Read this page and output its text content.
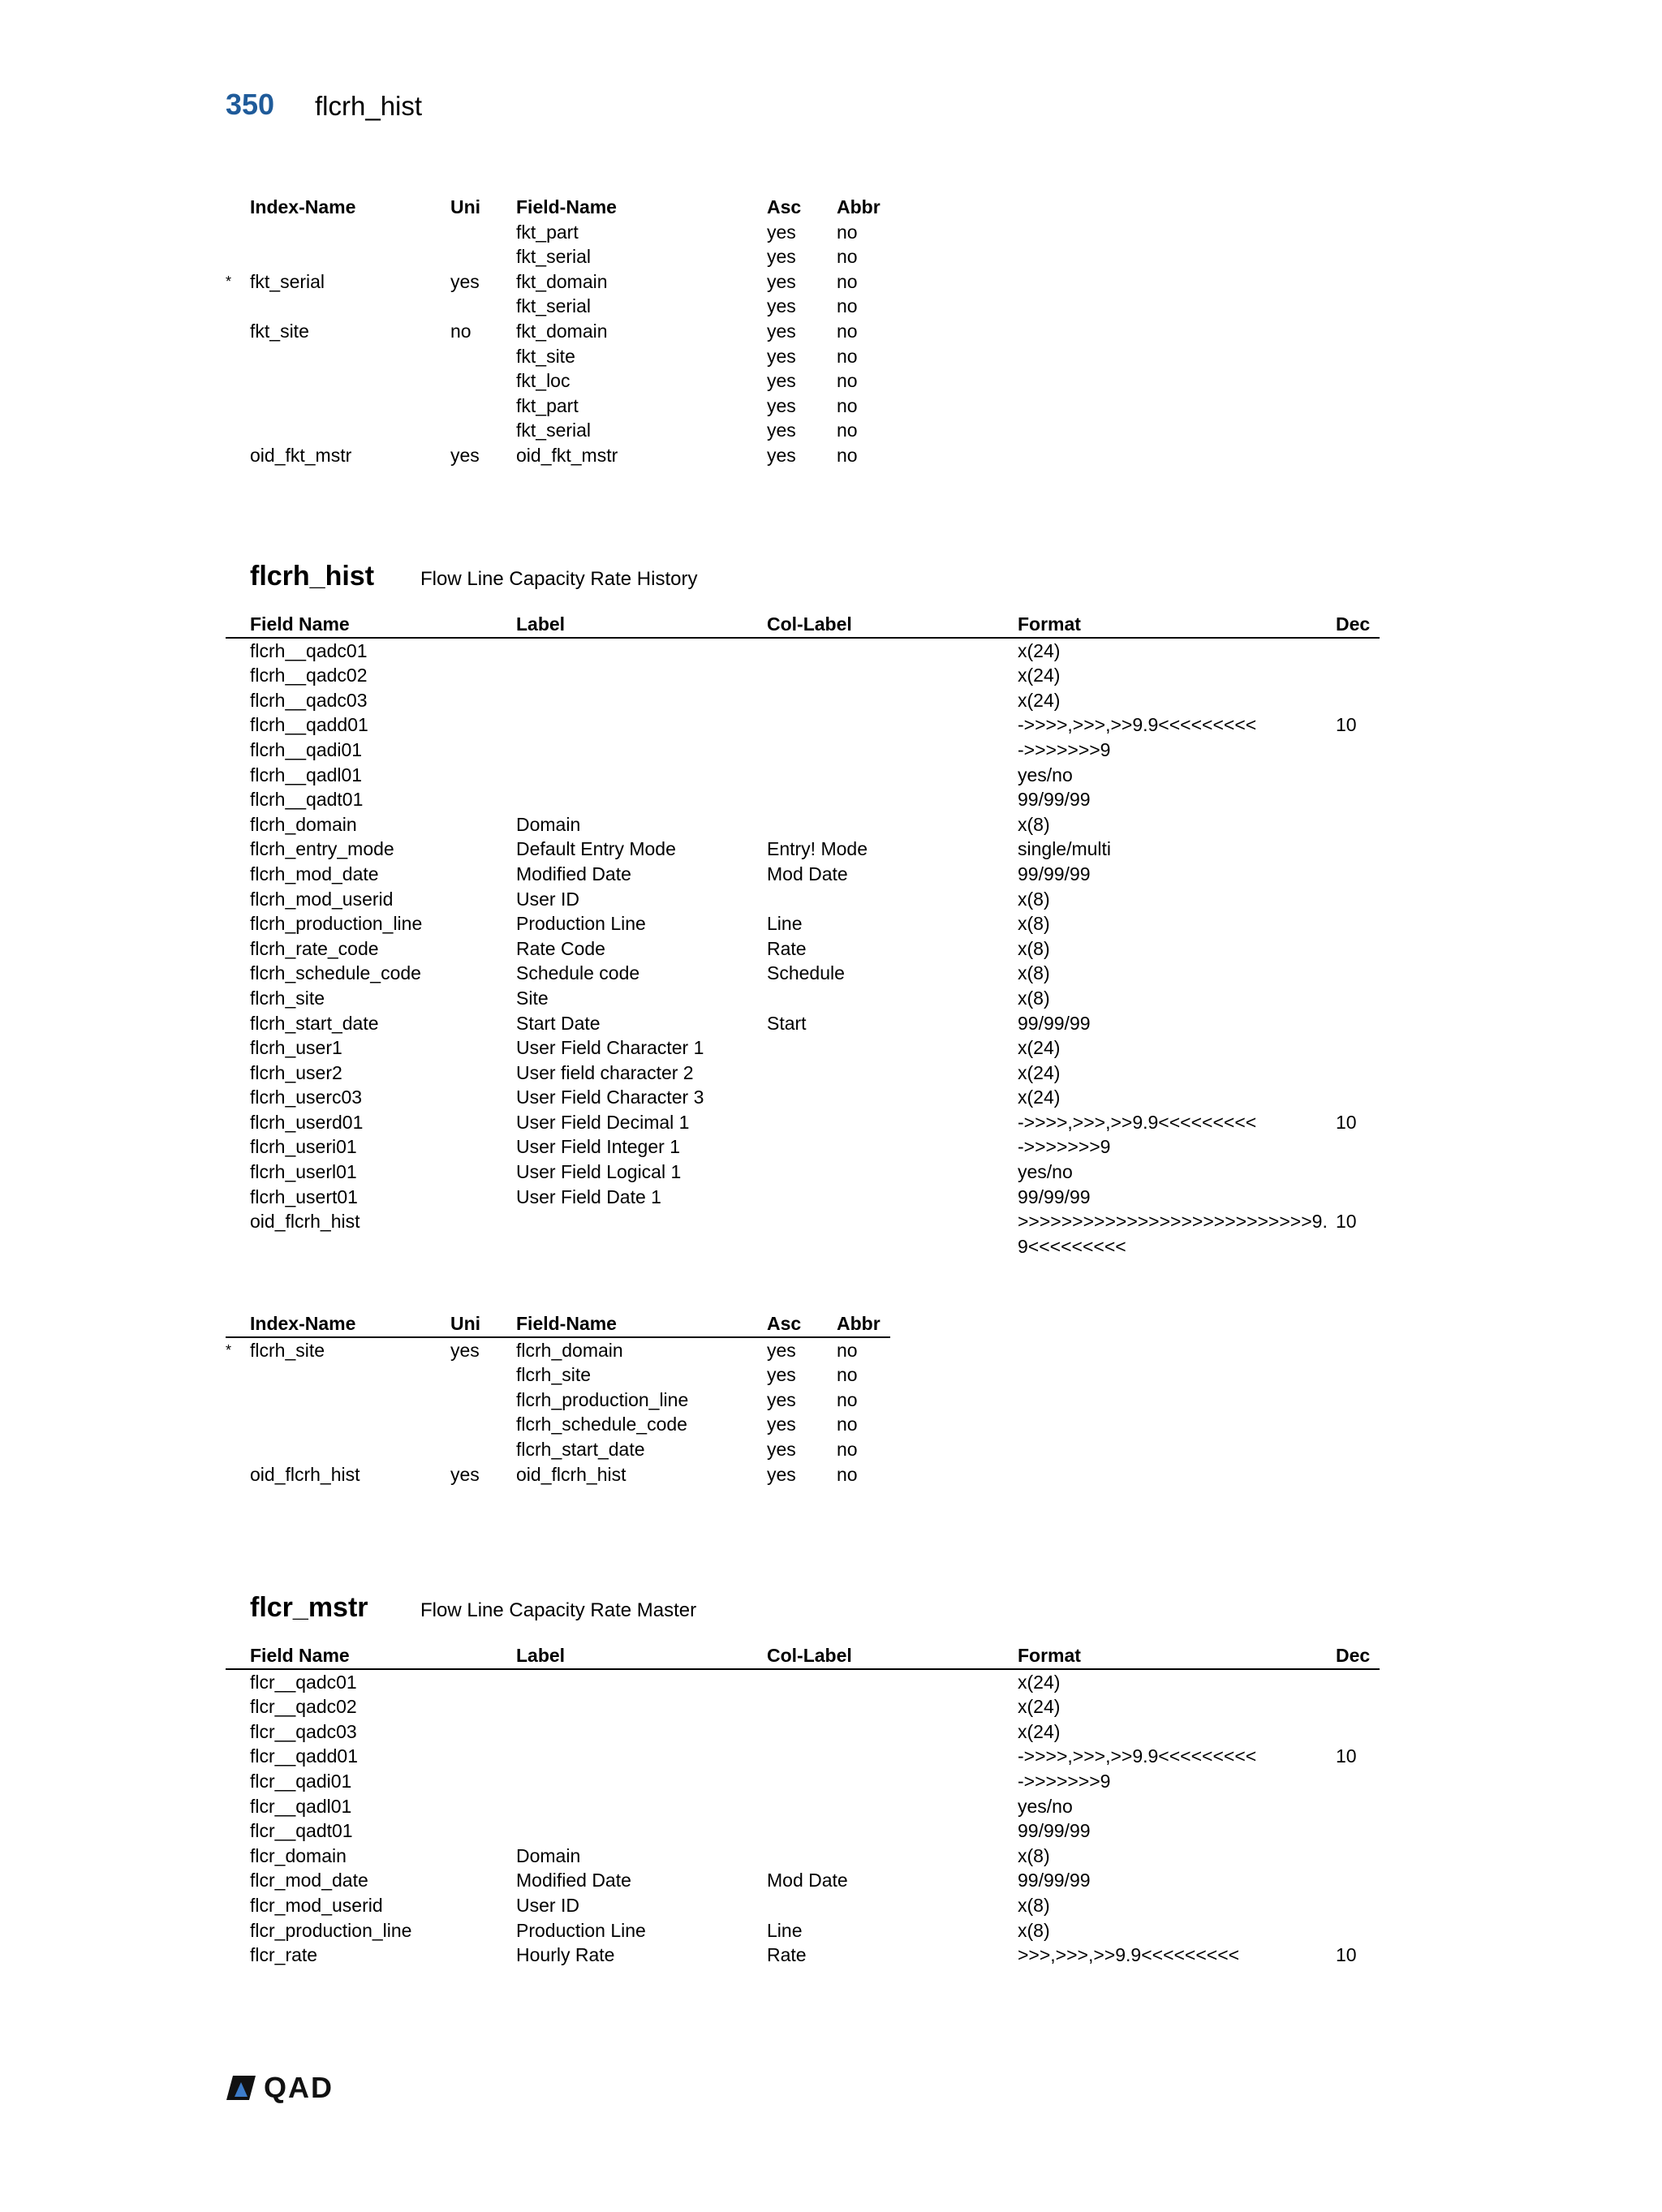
350 flcrh_hist
	Index-Name	Uni	Field-Name	Asc	Abbr
			fkt_part	yes	no
			fkt_serial	yes	no
*	fkt_serial	yes	fkt_domain	yes	no
			fkt_serial	yes	no
	fkt_site	no	fkt_domain	yes	no
			fkt_site	yes	no
			fkt_loc	yes	no
			fkt_part	yes	no
			fkt_serial	yes	no
	oid_fkt_mstr	yes	oid_fkt_mstr	yes	no
flcrh_hist Flow Line Capacity Rate History
	Field Name	Label	Col-Label	Format	Dec
	flcrh__qadc01			x(24)	
	flcrh__qadc02			x(24)	
	flcrh__qadc03			x(24)	
	flcrh__qadd01			->>>>,>>>,>>9.9<<<<<<<<<	10
	flcrh__qadi01			->>>>>>>9	
	flcrh__qadl01			yes/no	
	flcrh__qadt01			99/99/99	
	flcrh_domain	Domain		x(8)	
	flcrh_entry_mode	Default Entry Mode	Entry! Mode	single/multi	
	flcrh_mod_date	Modified Date	Mod Date	99/99/99	
	flcrh_mod_userid	User ID		x(8)	
	flcrh_production_line	Production Line	Line	x(8)	
	flcrh_rate_code	Rate Code	Rate	x(8)	
	flcrh_schedule_code	Schedule code	Schedule	x(8)	
	flcrh_site	Site		x(8)	
	flcrh_start_date	Start Date	Start	99/99/99	
	flcrh_user1	User Field Character 1		x(24)	
	flcrh_user2	User field character 2		x(24)	
	flcrh_userc03	User Field Character 3		x(24)	
	flcrh_userd01	User Field Decimal 1		->>>>,>>>,>>9.9<<<<<<<<<	10
	flcrh_useri01	User Field Integer 1		->>>>>>>9	
	flcrh_userl01	User Field Logical 1		yes/no	
	flcrh_usert01	User Field Date 1		99/99/99	
	oid_flcrh_hist			>>>>>>>>>>>>>>>>>>>>>>>>>>>9.9<<<<<<<<<	10
	Index-Name	Uni	Field-Name	Asc	Abbr
*	flcrh_site	yes	flcrh_domain	yes	no
			flcrh_site	yes	no
			flcrh_production_line	yes	no
			flcrh_schedule_code	yes	no
			flcrh_start_date	yes	no
	oid_flcrh_hist	yes	oid_flcrh_hist	yes	no
flcr_mstr	Flow Line Capacity Rate Master
	Field Name	Label	Col-Label	Format	Dec
	flcr__qadc01			x(24)	
	flcr__qadc02			x(24)	
	flcr__qadc03			x(24)	
	flcr__qadd01			->>>>,>>>,>>9.9<<<<<<<<<	10
	flcr__qadi01			->>>>>>>9	
	flcr__qadl01			yes/no	
	flcr__qadt01			99/99/99	
	flcr_domain	Domain		x(8)	
	flcr_mod_date	Modified Date	Mod Date	99/99/99	
	flcr_mod_userid	User ID		x(8)	
	flcr_production_line	Production Line	Line	x(8)	
	flcr_rate	Hourly Rate	Rate	>>>,>>>,>>9.9<<<<<<<<<	10
QAD
